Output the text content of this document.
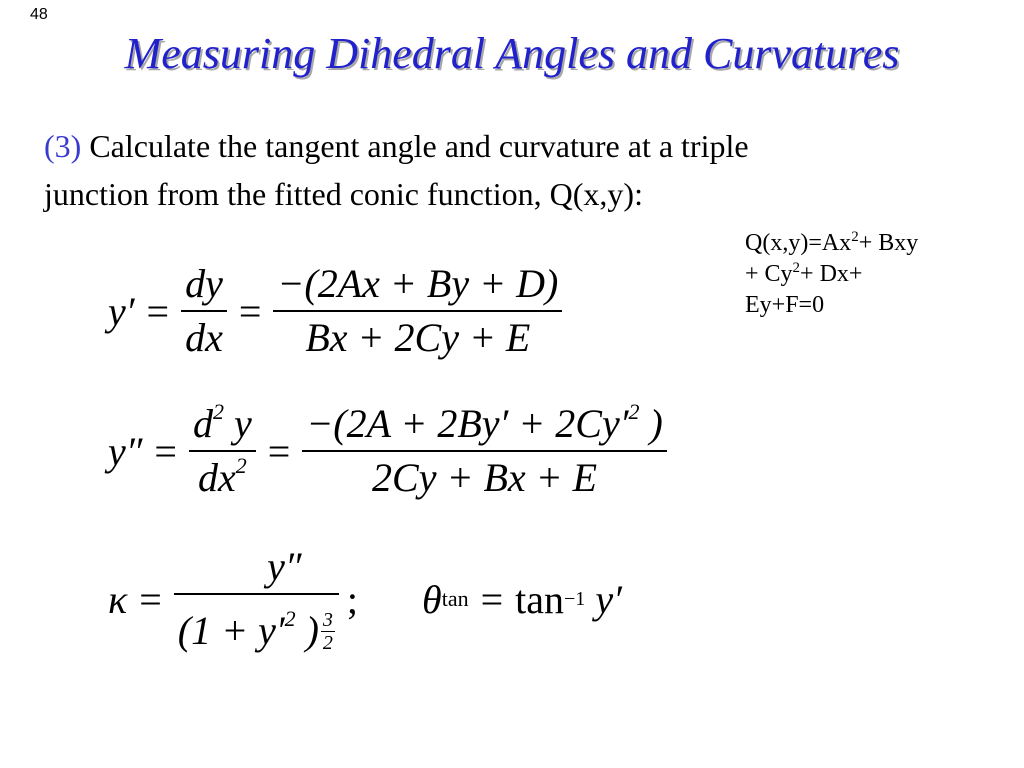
48
Measuring Dihedral Angles and Curvatures
(3) Calculate the tangent angle and curvature at a triple
junction from the fitted conic function, Q(x,y):
$Q(x,y)=Ax^2+$ Bxy
+ $Cy^2+ Dx+$
Ey+F=0
$y' = \frac{dy}{dx} = \frac{-(2Ax + By + D)}{Bx + 2Cy + E}$
$y'' = \frac{d^2 y}{dx^2} = \frac{-(2A + 2By' + 2Cy'^2 )}{2Cy + Bx + E}$
$\kappa = \frac{y''}{(1 + y'^2 ) \frac{3}{2}}$ ; θ tan = tan −1 y′
